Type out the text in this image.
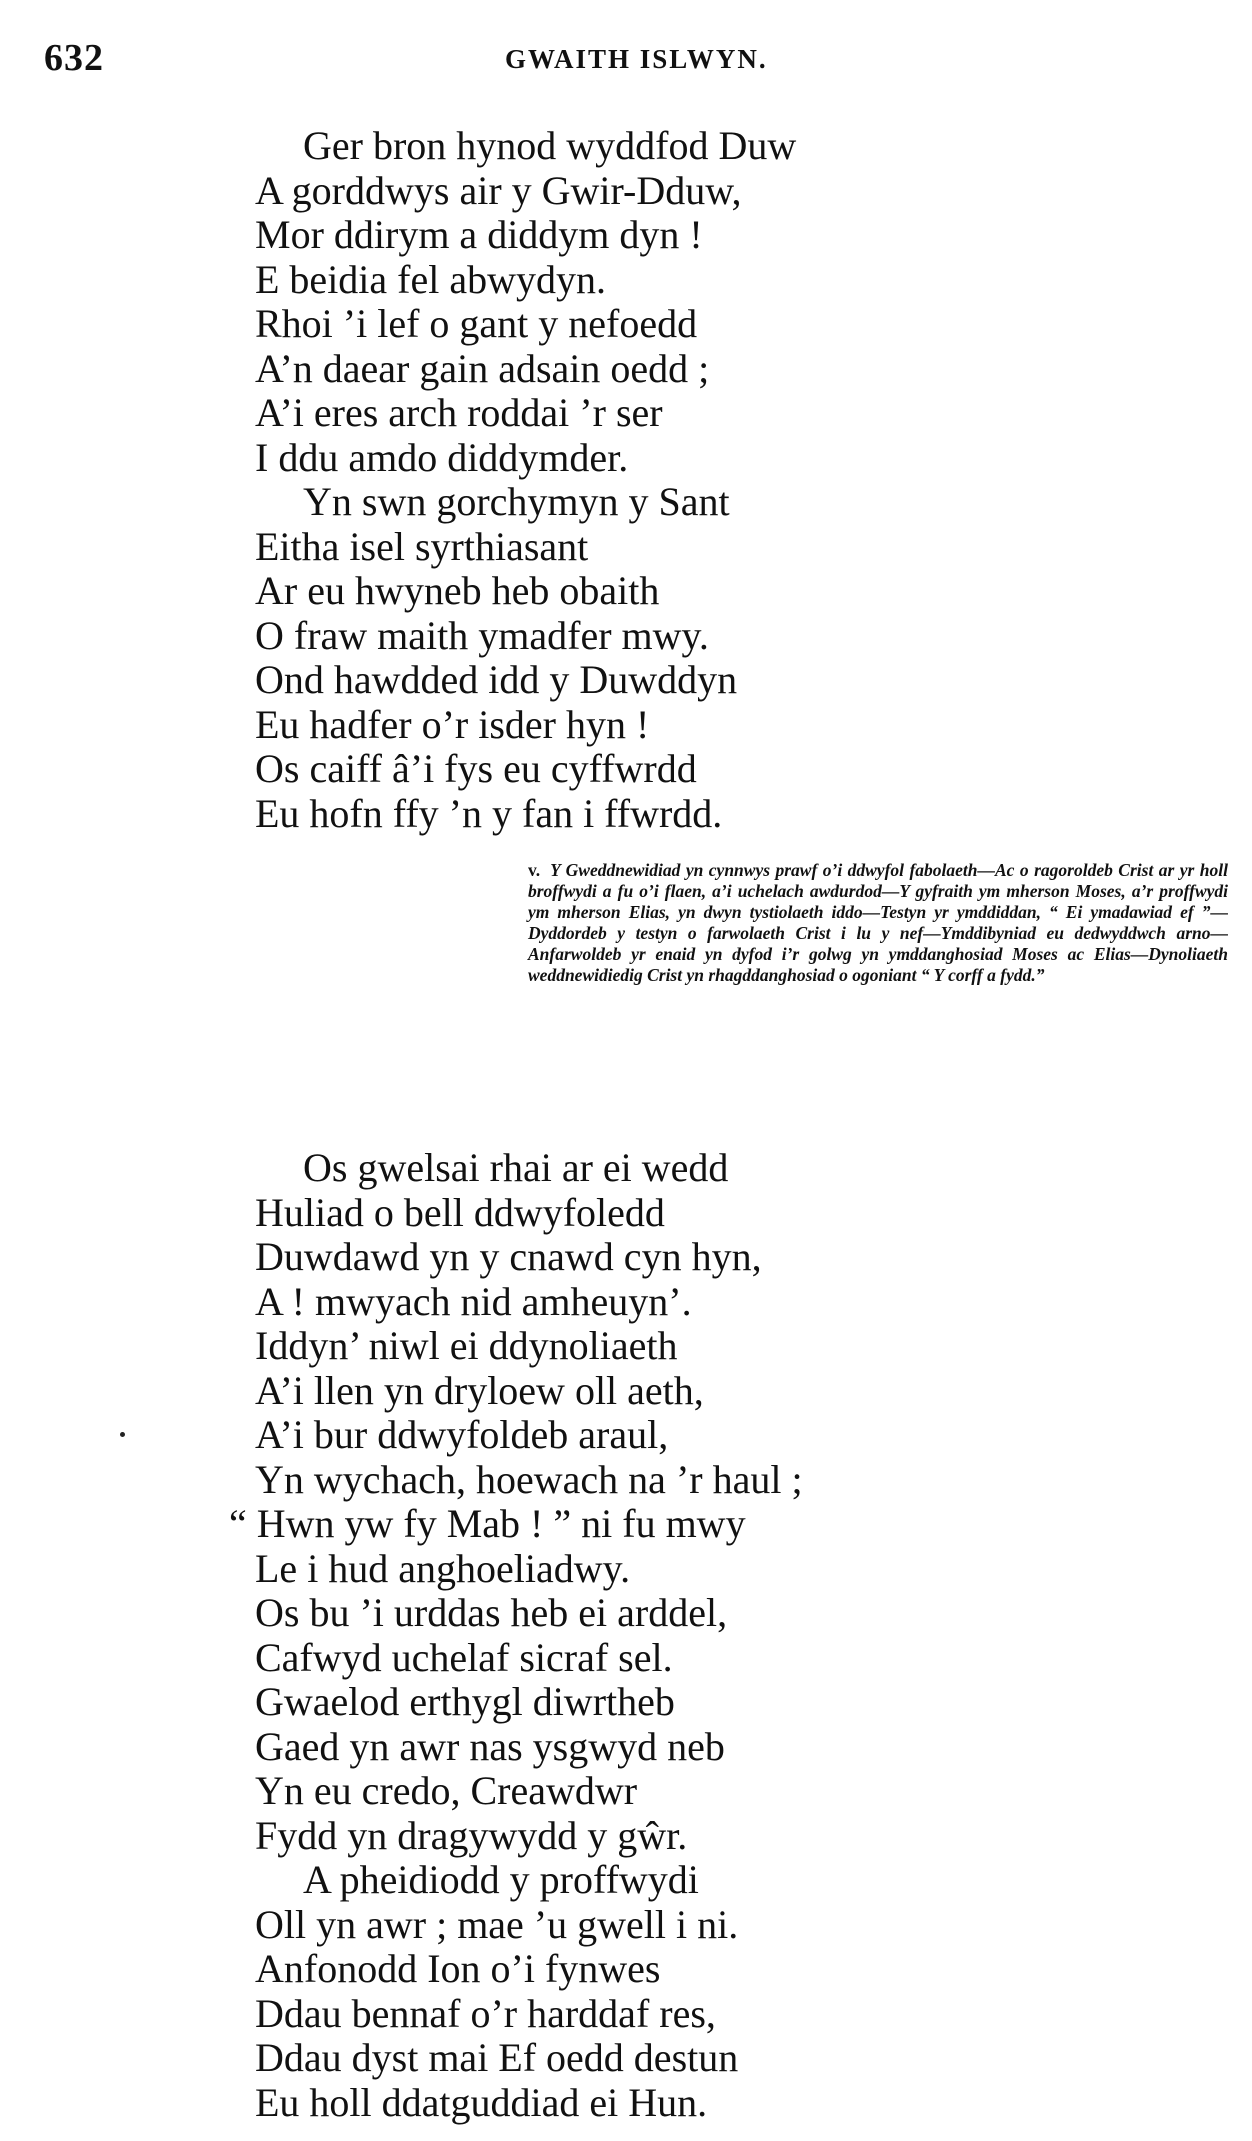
632	GWAITH ISLWYN.
Ger bron hynod wyddfod Duw
A gorddwys air y Gwir-Dduw,
Mor ddirym a diddym dyn !
E beidia fel abwydyn.
Rhoi ’i lef o gant y nefoedd
A’n daear gain adsain oedd ;
A’i eres arch roddai ’r ser
I ddu amdo diddymder.
Yn swn gorchymyn y Sant
Eitha isel syrthiasant
Ar eu hwyneb heb obaith
O fraw maith ymadfer mwy.
Ond hawdded idd y Duwddyn
Eu hadfer o’r isder hyn !
Os caiff â’i fys eu cyffwrdd
Eu hofn ffy ’n y fan i ffwrdd.
v. Y Gweddnewidiad yn cynnwys prawf o’i ddwyfol fabolaeth—Ac o ragoroldeb Crist ar yr holl broffwydi a fu o’i flaen, a’i uchelach awdurdod—Y gyfraith ym mherson Moses, a’r proffwydi ym mherson Elias, yn dwyn tystiolaeth iddo—Testyn yr ymddiddan, “ Ei ymadawiad ef ”—Dyddordeb y testyn o farwolaeth Crist i lu y nef—Ymddibyniad eu dedwyddwch arno—Anfarwoldeb yr enaid yn dyfod i’r golwg yn ymddanghosiad Moses ac Elias—Dynoliaeth weddnewidiedig Crist yn rhagddanghosiad o ogoniant “ Y corff a fydd.”
Os gwelsai rhai ar ei wedd
Huliad o bell ddwyfoledd
Duwdawd yn y cnawd cyn hyn,
A ! mwyach nid amheuyn’.
Iddyn’ niwl ei ddynoliaeth
A’i llen yn dryloew oll aeth,
A’i bur ddwyfoldeb araul,
Yn wychach, hoewach na ’r haul ;
“ Hwn yw fy Mab ! ” ni fu mwy
Le i hud anghoeliadwy.
Os bu ’i urddas heb ei arddel,
Cafwyd uchelaf sicraf sel.
Gwaelod erthygl diwrtheb
Gaed yn awr nas ysgwyd neb
Yn eu credo, Creawdwr
Fydd yn dragywydd y gŵr.
A pheidiodd y proffwydi
Oll yn awr ; mae ’u gwell i ni.
Anfonodd Ion o’i fynwes
Ddau bennaf o’r harddaf res,
Ddau dyst mai Ef oedd destun
Eu holl ddatguddiad ei Hun.
